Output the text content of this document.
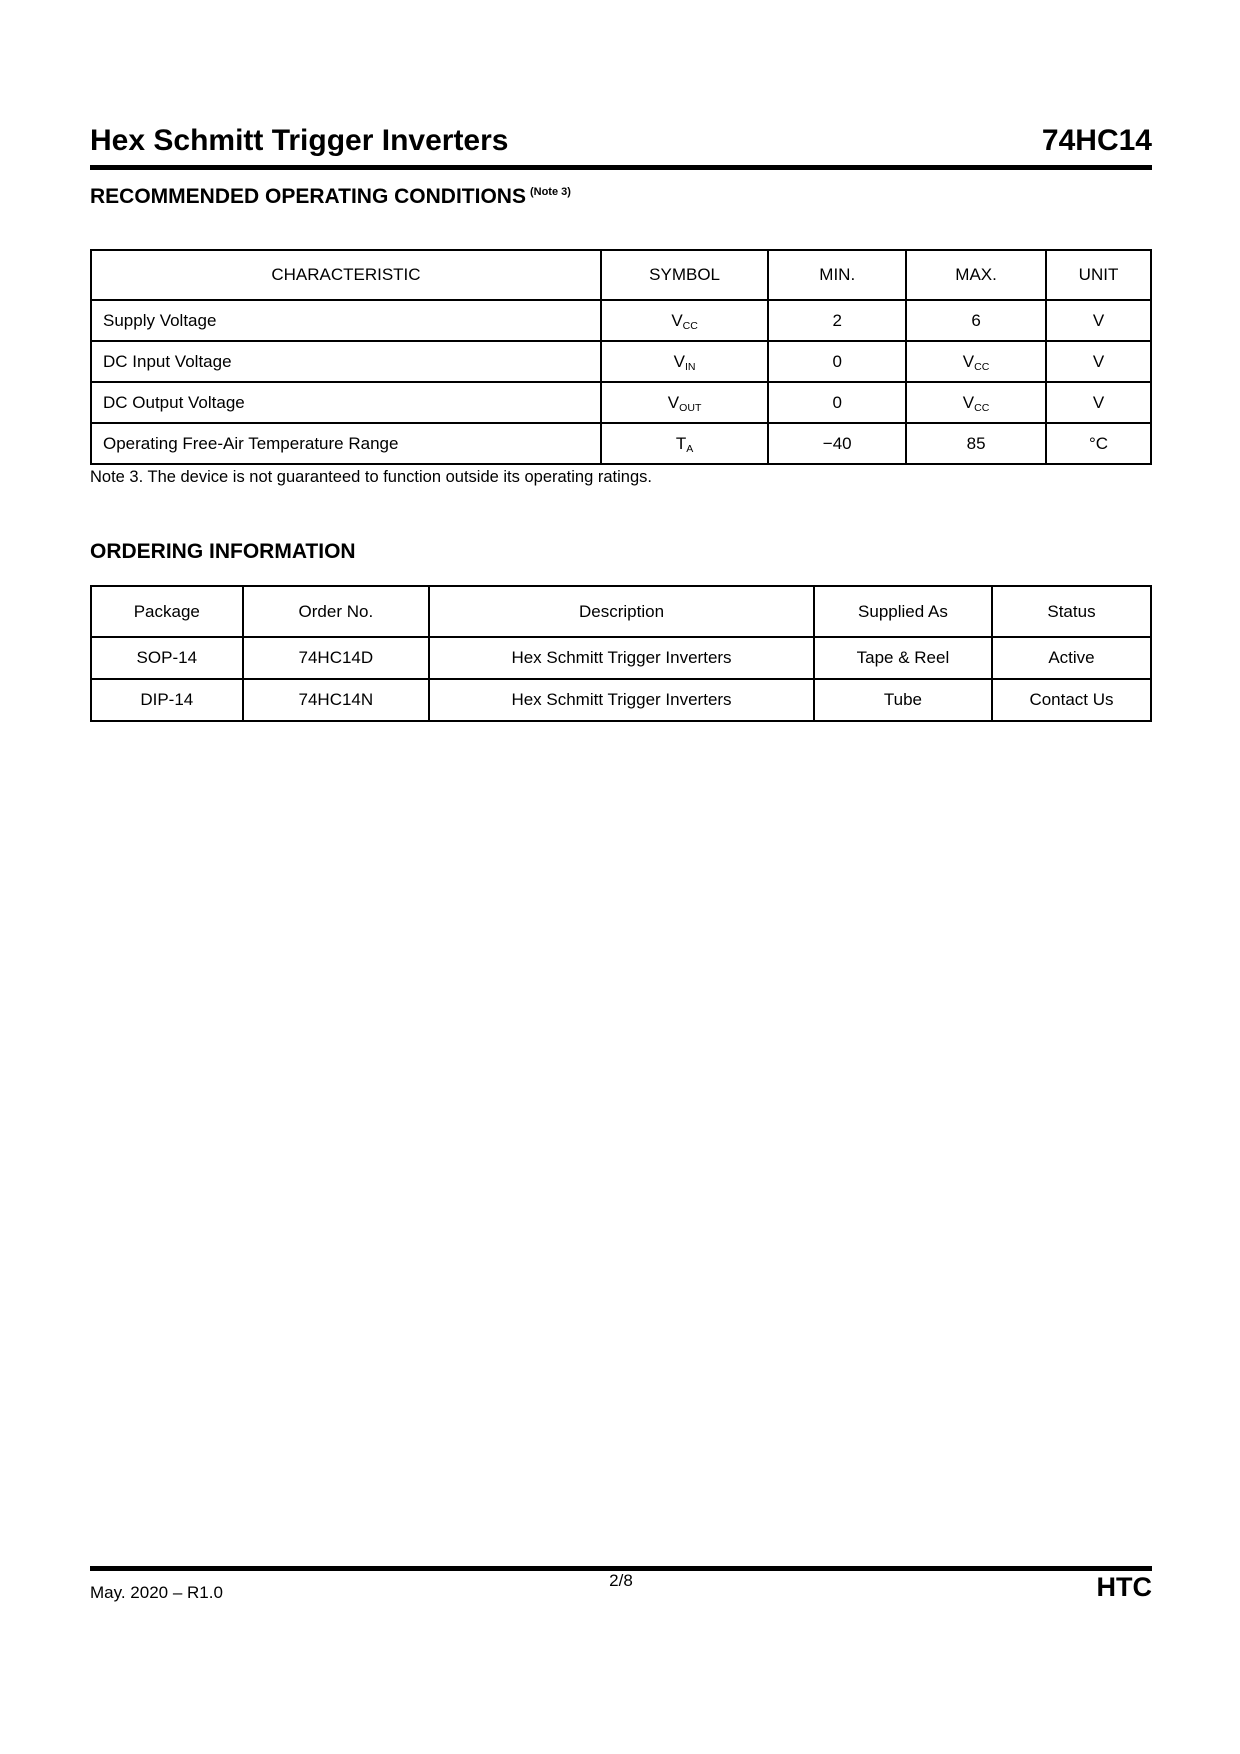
Hex Schmitt Trigger Inverters	74HC14
RECOMMENDED OPERATING CONDITIONS $^{(Note 3)}$
CHARACTERISTIC	SYMBOL	MIN.	MAX.	UNIT
Supply Voltage	$V_{CC}$	2	6	V
DC Input Voltage	$V_{IN}$	0	$V_{CC}$	V
DC Output Voltage	$V_{OUT}$	0	$V_{CC}$	V
Operating Free-Air Temperature Range	$T_A$	−40	85	°C

Note 3. The device is not guaranteed to function outside its operating ratings.

ORDERING INFORMATION
Package	Order No.	Description	Supplied As	Status
SOP-14	74HC14D	Hex Schmitt Trigger Inverters	Tape & Reel	Active
DIP-14	74HC14N	Hex Schmitt Trigger Inverters	Tube	Contact Us
2/8
May. 2020 – R1.0	HTC
